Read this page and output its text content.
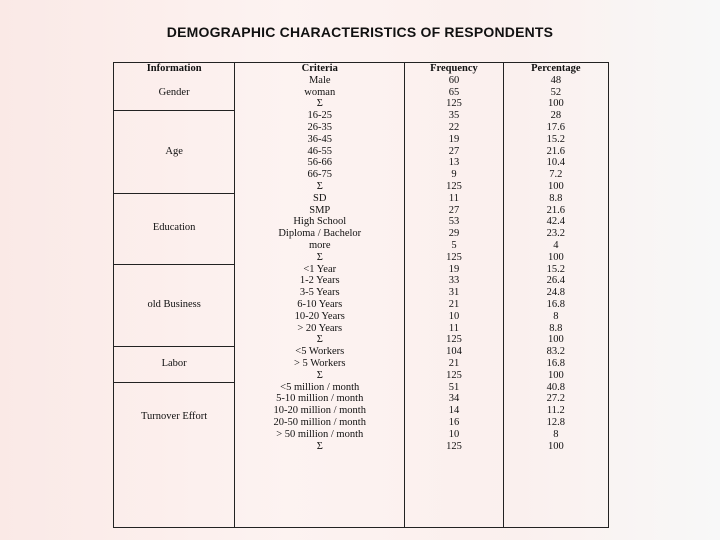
DEMOGRAPHIC CHARACTERISTICS OF RESPONDENTS
Information
Gender
Age
Education
old Business
Labor
Turnover Effort
Criteria
Male
woman
Σ
16-25
26-35
36-45
46-55
56-66
66-75
Σ
SD
SMP
High School
Diploma / Bachelor
more
Σ
<1 Year
1-2 Years
3-5 Years
6-10 Years
10-20 Years
> 20 Years
Σ
<5 Workers
> 5 Workers
Σ
<5 million / month
5-10 million / month
10-20 million / month
20-50 million / month
> 50 million / month
Σ
Frequency
60
65
125
35
22
19
27
13
9
125
11
27
53
29
5
125
19
33
31
21
10
11
125
104
21
125
51
34
14
16
10
125
Percentage
48
52
100
28
17.6
15.2
21.6
10.4
7.2
100
8.8
21.6
42.4
23.2
4
100
15.2
26.4
24.8
16.8
8
8.8
100
83.2
16.8
100
40.8
27.2
11.2
12.8
8
100
